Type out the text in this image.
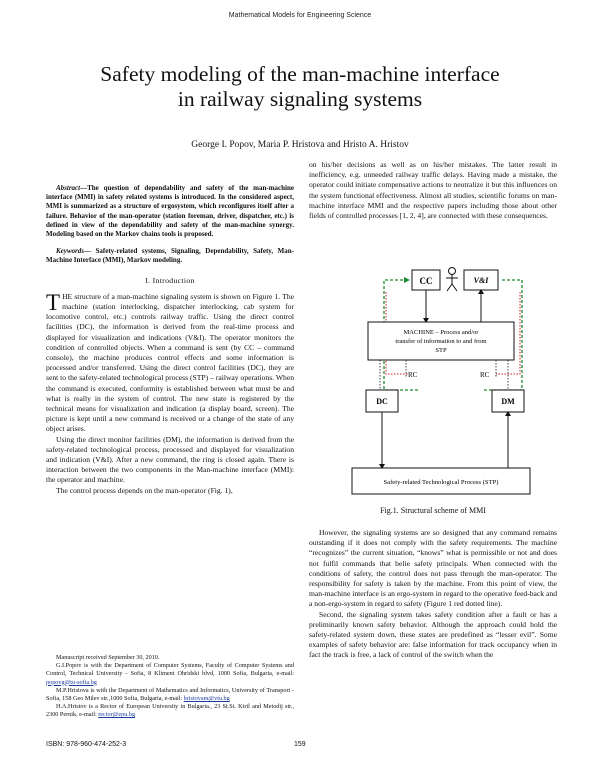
Mathematical Models for Engineering Science
Safety modeling of the man-machine interface
in railway signaling systems
George I. Popov, Maria P. Hristova and Hristo A. Hristov

Abstract—The question of dependability and safety of the man-machine interface (MMI) in safety related systems is introduced. In the considered aspect, MMI is summarized as a structure of ergosystem, which reconfigures itself after a failure. Behavior of the man-operator (station foreman, driver, dispatcher, etc.) is defined in view of the dependability and safety of the man-machine synergy. Modeling based on the Markov chains tools is proposed.

Keywords— Safety-related systems, Signaling, Dependability, Safety, Man-Machine Interface (MMI), Markov modeling.

I. Introduction

THE structure of a man-machine signaling system is shown on Figure 1. The machine (station interlocking, dispatcher interlocking, cab system for locomotive control, etc.) controls railway traffic. Using the direct control facilities (DC), the information is derived from the real-time process and displayed for visualization and indications (V&I). The operator monitors the condition of controlled objects. When a command is sent (by CC – command console), the machine produces control effects and some information is processed and/or transferred. Using the direct control facilities (DC), they are sent to the safety-related technological process (STP) – railway operations. When the command is executed, conformity is established between what must be and what is really in the system of control. The new state is registered by the technical means for visualization and indication (a display board, screen). The picture is kept until a new command is received or a change of the state of any object arises.

Using the direct monitor facilities (DM), the information is derived from the safety-related technological process, processed and displayed for visualization and indication (V&I). After a new command, the ring is closed again. There is interaction between the two components in the Man-machine interface (MMI): the operator and machine.

The control process depends on the man-operator (Fig. 1),

Manuscript received September 30, 2010.

G.I.Popov is with the Department of Computer Systems, Faculty of Computer Systems and Control, Technical University - Sofia, 8 Kliment Ohridski blvd, 1000 Sofia, Bulgaria, e-mail: popovg@tu-sofia.bg

M.P.Hristova is with the Department of Mathematics and Informatics, University of Transport - Sofia, 158 Geo Milev str.,1000 Sofia, Bulgaria, e-mail: hristovam@vtu.bg

H.A.Hristov is a Rector of European University in Bulgaria., 23 St.St. Kiril and Metodij str., 2300 Pernik, e-mail: rector@epu.bg

on his/her decisions as well as on his/her mistakes. The latter result in inefficiency, e.g. unneeded railway traffic delays. Having made a mistake, the operator could initiate compensative actions to neutralize it but this influences on the system functional effectiveness. Almost all studies, scientific forums on man-machine interface MMI and the respective papers including those about other fields of controlled processes [1, 2, 4], are connected with these consequences.

CC	V&I
MACHINE – Process and/or
transfer of information to and from
STP
RC	RC
DC	DM
Safety-related Technological Process (STP)
Fig.1. Structural scheme of MMI

However, the signaling systems are so designed that any command remains outstanding if it does not comply with the safety requirements. The machine “recognizes” the current situation, “knows” what is permissible or not and does not fulfil commands that belie safety principals. When connected with the conditions of safety, the control does not pass through the man-operator. The responsibility for safety is taken by the machine. From this point of view, the man-machine interface is an ergo-system in regard to the operative feed-back and a non-ergo-system in regard to safety (Figure 1 red dotted line).

Second, the signaling system takes safety condition after a fault or has a preliminarily known safety behavior. Although the approach could hold the safety-related system down, these states are predefined as “lesser evil”. Some examples of safety behavior are: false information for track occupancy when in fact the track is free, a lack of control of the switch when the

ISBN: 978-960-474-252-3	159
